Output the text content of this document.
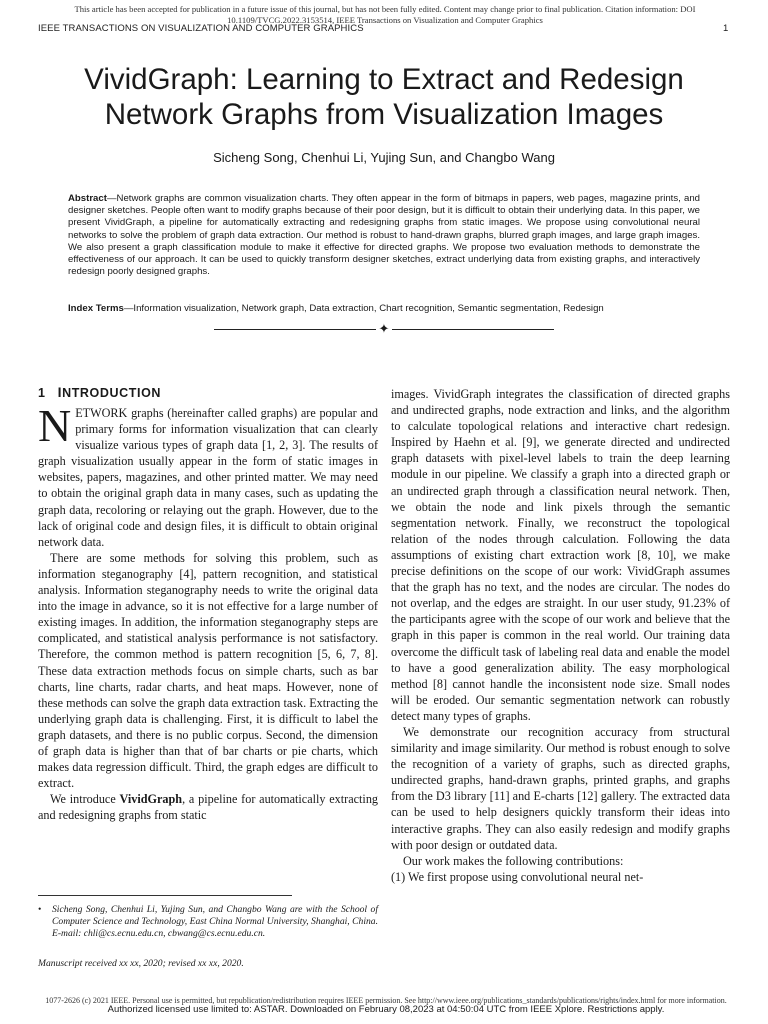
This article has been accepted for publication in a future issue of this journal, but has not been fully edited. Content may change prior to final publication. Citation information: DOI
10.1109/TVCG.2022.3153514, IEEE Transactions on Visualization and Computer Graphics
IEEE TRANSACTIONS ON VISUALIZATION AND COMPUTER GRAPHICS	1
VividGraph: Learning to Extract and Redesign
Network Graphs from Visualization Images
Sicheng Song, Chenhui Li, Yujing Sun, and Changbo Wang
Abstract—Network graphs are common visualization charts. They often appear in the form of bitmaps in papers, web pages, magazine prints, and designer sketches. People often want to modify graphs because of their poor design, but it is difficult to obtain their underlying data. In this paper, we present VividGraph, a pipeline for automatically extracting and redesigning graphs from static images. We propose using convolutional neural networks to solve the problem of graph data extraction. Our method is robust to hand-drawn graphs, blurred graph images, and large graph images. We also present a graph classification module to make it effective for directed graphs. We propose two evaluation methods to demonstrate the effectiveness of our approach. It can be used to quickly transform designer sketches, extract underlying data from existing graphs, and interactively redesign poorly designed graphs.
Index Terms—Information visualization, Network graph, Data extraction, Chart recognition, Semantic segmentation, Redesign
✦
1 INTRODUCTION

NETWORK graphs (hereinafter called graphs) are popular and primary forms for information visualization that can clearly visualize various types of graph data [1, 2, 3]. The results of graph visualization usually appear in the form of static images in websites, papers, magazines, and other printed matter. We may need to obtain the original graph data in many cases, such as updating the graph data, recoloring or relaying out the graph. However, due to the lack of original code and design files, it is difficult to obtain original network data.

There are some methods for solving this problem, such as information steganography [4], pattern recognition, and statistical analysis. Information steganography needs to write the original data into the image in advance, so it is not effective for a large number of existing images. In addition, the information steganography steps are complicated, and statistical analysis performance is not satisfactory. Therefore, the common method is pattern recognition [5, 6, 7, 8]. These data extraction methods focus on simple charts, such as bar charts, line charts, radar charts, and heat maps. However, none of these methods can solve the graph data extraction task. Extracting the underlying graph data is challenging. First, it is difficult to label the graph datasets, and there is no public corpus. Second, the dimension of graph data is higher than that of bar charts or pie charts, which makes data regression difficult. Third, the graph edges are difficult to extract.

We introduce VividGraph, a pipeline for automatically extracting and redesigning graphs from static

images. VividGraph integrates the classification of directed graphs and undirected graphs, node extraction and links, and the algorithm to calculate topological relations and interactive chart redesign. Inspired by Haehn et al. [9], we generate directed and undirected graph datasets with pixel-level labels to train the deep learning module in our pipeline. We classify a graph into a directed graph or an undirected graph through a classification neural network. Then, we obtain the node and link pixels through the semantic segmentation network. Finally, we reconstruct the topological relation of the nodes through calculation. Following the data assumptions of existing chart extraction work [8, 10], we make precise definitions on the scope of our work: VividGraph assumes that the graph has no text, and the nodes are circular. The nodes do not overlap, and the edges are straight. In our user study, 91.23% of the participants agree with the scope of our work and believe that the graph in this paper is common in the real world. Our training data overcome the difficult task of labeling real data and enable the model to have a good generalization ability. The easy morphological method [8] cannot handle the inconsistent node size. Small nodes will be eroded. Our semantic segmentation network can robustly detect many types of graphs.

We demonstrate our recognition accuracy from structural similarity and image similarity. Our method is robust enough to solve the recognition of a variety of graphs, such as directed graphs, undirected graphs, hand-drawn graphs, printed graphs, and graphs from the D3 library [11] and E-charts [12] gallery. The extracted data can be used to help designers quickly transform their ideas into interactive graphs. They can also easily redesign and modify graphs with poor design or outdated data.

Our work makes the following contributions:

(1) We first propose using convolutional neural net-

• Sicheng Song, Chenhui Li, Yujing Sun, and Changbo Wang are with the School of Computer Science and Technology, East China Normal University, Shanghai, China. E-mail: chli@cs.ecnu.edu.cn, cbwang@cs.ecnu.edu.cn.
Manuscript received xx xx, 2020; revised xx xx, 2020.
1077-2626 (c) 2021 IEEE. Personal use is permitted, but republication/redistribution requires IEEE permission. See http://www.ieee.org/publications_standards/publications/rights/index.html for more information.
Authorized licensed use limited to: ASTAR. Downloaded on February 08,2023 at 04:50:04 UTC from IEEE Xplore. Restrictions apply.
